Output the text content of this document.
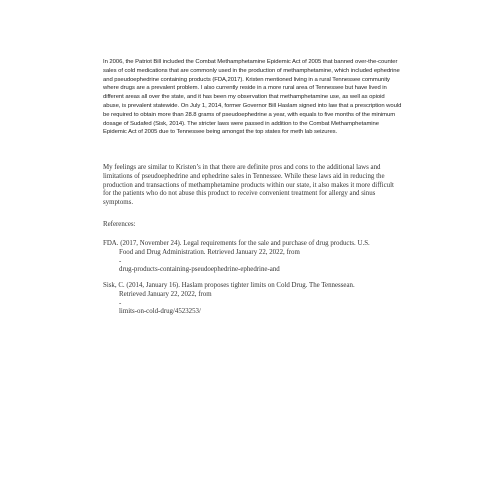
In 2006, the Patriot Bill included the Combat Methamphetamine Epidemic Act of 2005 that banned over-the-counter sales of cold medications that are commonly used in the production of methamphetamine, which included ephedrine and pseudoephedrine containing products (FDA,2017). Kristen mentioned living in a rural Tennessee community where drugs are a prevalent problem. I also currently reside in a more rural area of Tennessee but have lived in different areas all over the state, and it has been my observation that methamphetamine use, as well as opioid abuse, is prevalent statewide. On July 1, 2014, former Governor Bill Haslam signed into law that a prescription would be required to obtain more than 28.8 grams of pseudoephedrine a year, with equals to five months of the minimum dosage of Sudafed (Sisk, 2014). The stricter laws were passed in addition to the Combat Methamphetamine Epidemic Act of 2005 due to Tennessee being amongst the top states for meth lab seizures.

My feelings are similar to Kristen’s in that there are definite pros and cons to the additional laws and limitations of pseudoephedrine and ephedrine sales in Tennessee. While these laws aid in reducing the production and transactions of methamphetamine products within our state, it also makes it more difficult for the patients who do not abuse this product to receive convenient treatment for allergy and sinus symptoms.

References:

FDA. (2017, November 24). Legal requirements for the sale and purchase of drug products. U.S.
Food and Drug Administration. Retrieved January 22, 2022, from
-
drug-products-containing-pseudoephedrine-ephedrine-and
Sisk, C. (2014, January 16). Haslam proposes tighter limits on Cold Drug. The Tennessean.
Retrieved January 22, 2022, from
-
limits-on-cold-drug/4523253/
